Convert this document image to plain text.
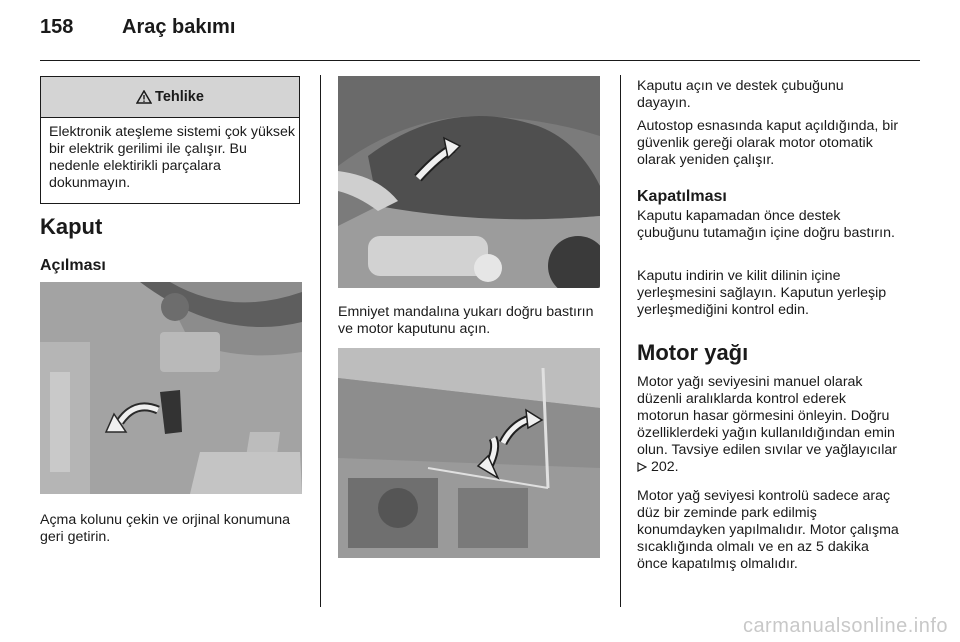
158 Araç bakımı
Tehlike

Elektronik ateşleme sistemi çok yüksek bir elektrik gerilimi ile çalışır. Bu nedenle elektirikli parçalara dokunmayın.

Kaput
Açılması

Açma kolunu çekin ve orjinal konumuna geri getirin.

Emniyet mandalına yukarı doğru bastırın ve motor kaputunu açın.

Kaputu açın ve destek çubuğunu dayayın.

Autostop esnasında kaput açıldığında, bir güvenlik gereği olarak motor otomatik olarak yeniden çalışır.

Kapatılması

Kaputu kapamadan önce destek çubuğunu tutamağın içine doğru bastırın.

Kaputu indirin ve kilit dilinin içine yerleşmesini sağlayın. Kaputun yerleşip yerleşmediğini kontrol edin.

Motor yağı

Motor yağı seviyesini manuel olarak düzenli aralıklarda kontrol ederek motorun hasar görmesini önleyin. Doğru özelliklerdeki yağın kullanıldığından emin olun. Tavsiye edilen sıvılar ve yağlayıcılar  202.

Motor yağ seviyesi kontrolü sadece araç düz bir zeminde park edilmiş konumdayken yapılmalıdır. Motor çalışma sıcaklığında olmalı ve en az 5 dakika önce kapatılmış olmalıdır.

carmanualsonline.info
